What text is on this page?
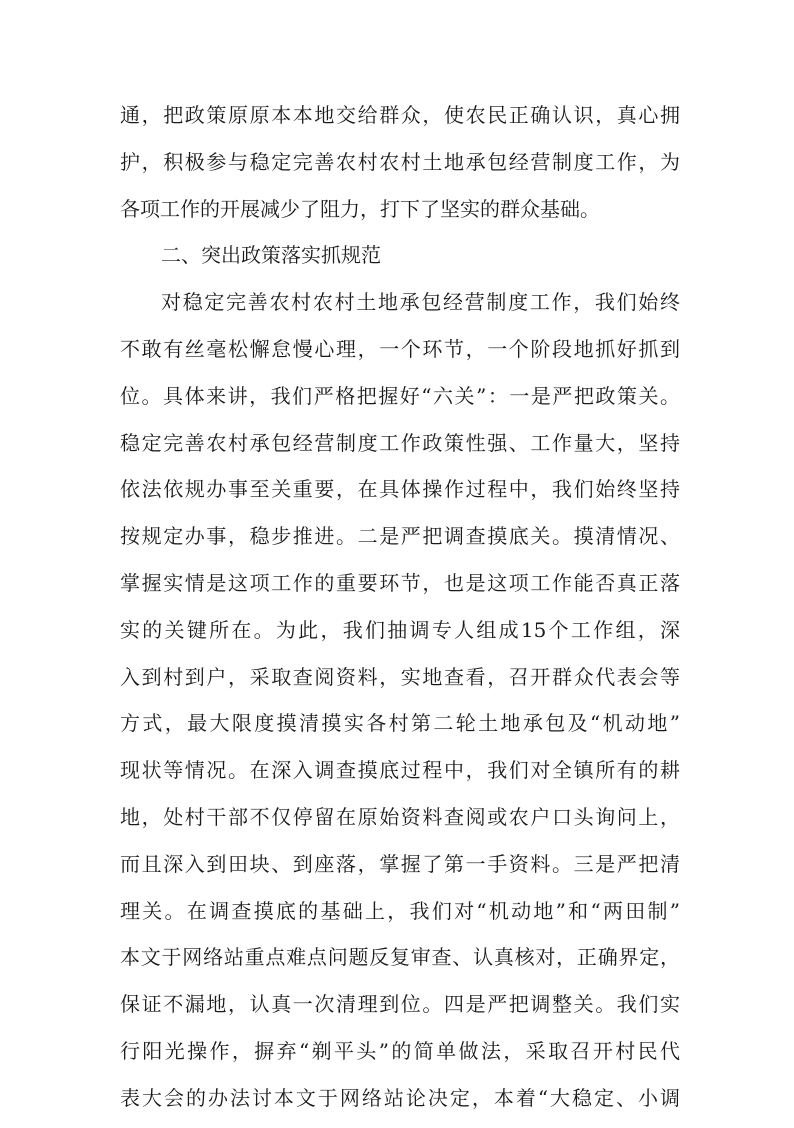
通，把政策原原本本地交给群众，使农民正确认识，真心拥
护，积极参与稳定完善农村农村土地承包经营制度工作，为
各项工作的开展减少了阻力，打下了坚实的群众基础。
二、突出政策落实抓规范
对稳定完善农村农村土地承包经营制度工作，我们始终
不敢有丝毫松懈怠慢心理，一个环节，一个阶段地抓好抓到
位。具体来讲，我们严格把握好“六关”：一是严把政策关。
稳定完善农村承包经营制度工作政策性强、工作量大，坚持
依法依规办事至关重要，在具体操作过程中，我们始终坚持
按规定办事，稳步推进。二是严把调查摸底关。摸清情况、
掌握实情是这项工作的重要环节，也是这项工作能否真正落
实的关键所在。为此，我们抽调专人组成15个工作组，深
入到村到户，采取查阅资料，实地查看，召开群众代表会等
方式，最大限度摸清摸实各村第二轮土地承包及“机动地”
现状等情况。在深入调查摸底过程中，我们对全镇所有的耕
地，处村干部不仅停留在原始资料查阅或农户口头询问上，
而且深入到田块、到座落，掌握了第一手资料。三是严把清
理关。在调查摸底的基础上，我们对“机动地”和“两田制”
本文于网络站重点难点问题反复审查、认真核对，正确界定，
保证不漏地，认真一次清理到位。四是严把调整关。我们实
行阳光操作，摒弃“剃平头”的简单做法，采取召开村民代
表大会的办法讨本文于网络站论决定，本着“大稳定、小调
